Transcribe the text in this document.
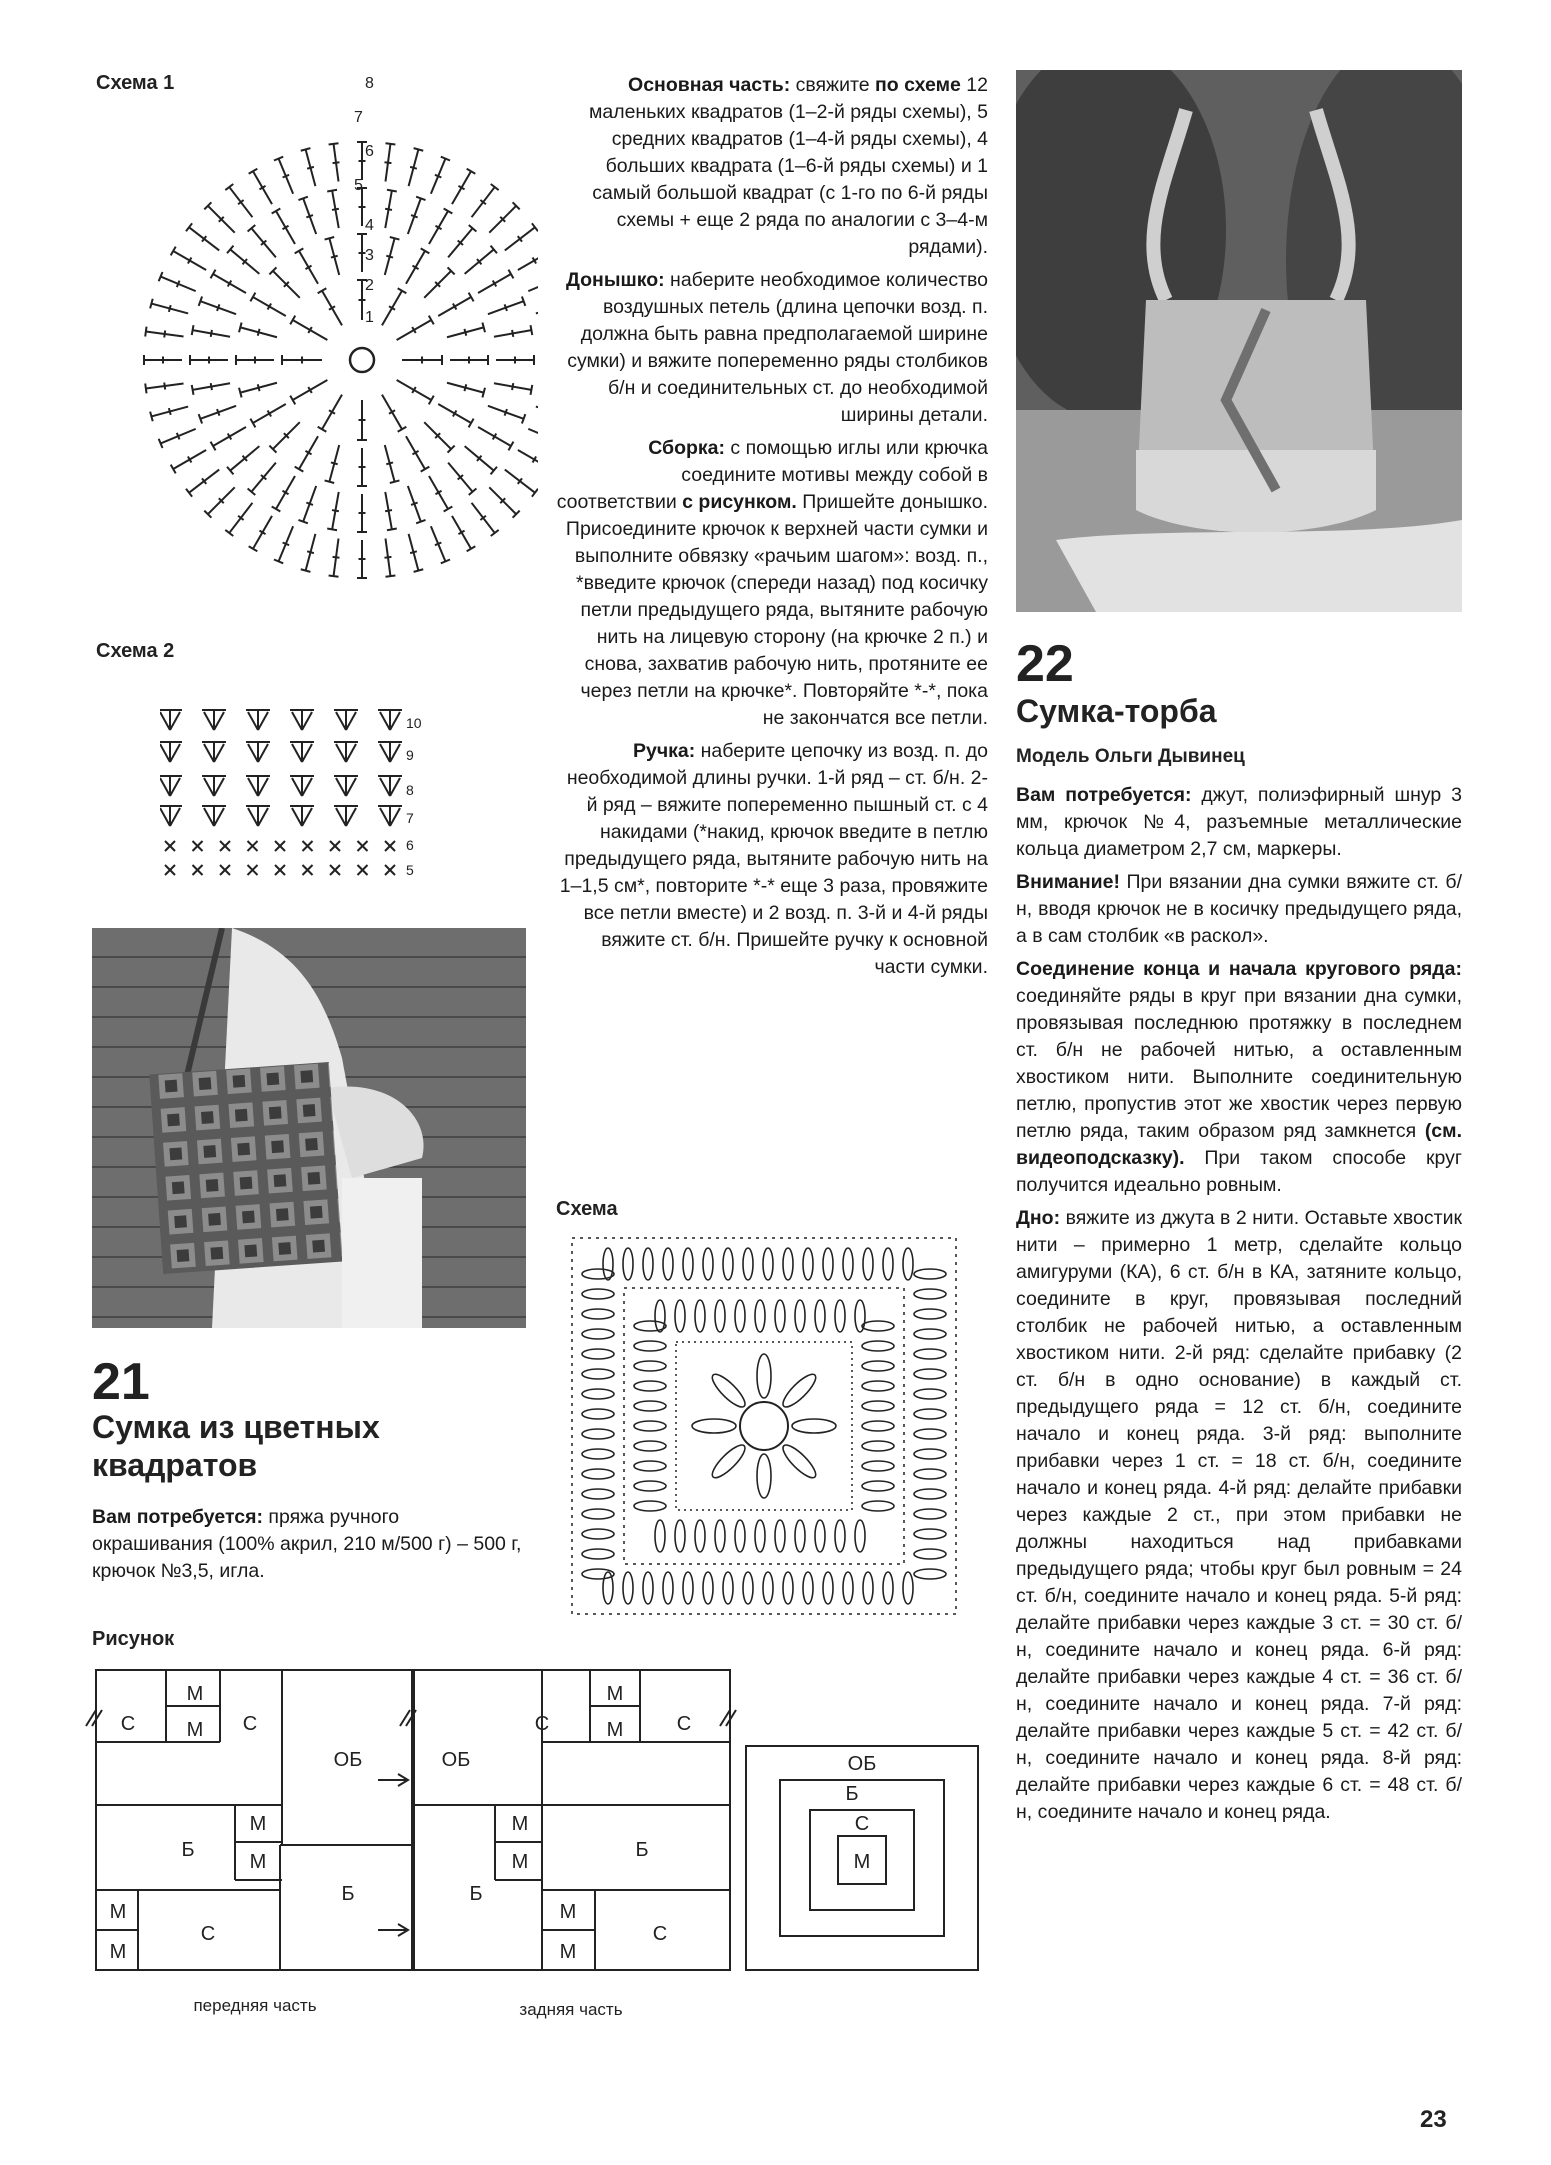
Схема 1	8
7
6
5
4
3
2
1
Схема 2
10
9
8
7
6
5
21
Сумка из цветных
квадратов

Вам потребуется: пряжа ручного окрашивания (100% акрил, 210 м/500 г) – 500 г, крючок №3,5, игла.

Рисунок

Основная часть: свяжите по схеме 12 маленьких квадратов (1–2-й ряды схемы), 5 средних квадратов (1–4-й ряды схемы), 4 больших квадрата (1–6-й ряды схемы) и 1 самый большой квадрат (с 1-го по 6-й ряды схемы + еще 2 ряда по аналогии с 3–4-м рядами).

Донышко: наберите необходимое количество воздушных петель (длина цепочки возд. п. должна быть равна предполагаемой ширине сумки) и вяжите попеременно ряды столбиков б/н и соединительных ст. до необходимой ширины детали.

Сборка: с помощью иглы или крючка соедините мотивы между собой в соответствии с рисунком. Пришейте донышко. Присоедините крючок к верхней части сумки и выполните обвязку «рачьим шагом»: возд. п., *введите крючок (спереди назад) под косичку петли предыдущего ряда, вытяните рабочую нить на лицевую сторону (на крючке 2 п.) и снова, захватив рабочую нить, протяните ее через петли на крючке*. Повторяйте *-*, пока не закончатся все петли.

Ручка: наберите цепочку из возд. п. до необходимой длины ручки. 1-й ряд – ст. б/н. 2-й ряд – вяжите попеременно пышный ст. с 4 накидами (*накид, крючок введите в петлю предыдущего ряда, вытяните рабочую нить на 1–1,5 см*, повторите *-* еще 3 раза, провяжите все петли вместе) и 2 возд. п. 3-й и 4-й ряды вяжите ст. б/н. Пришейте ручку к основной части сумки.

Схема
22
Сумка-торба
Модель Ольги Дывинец

Вам потребуется: джут, полиэфирный шнур 3 мм, крючок №4, разъемные металлические кольца диаметром 2,7 см, маркеры.

Внимание! При вязании дна сумки вяжите ст. б/н, вводя крючок не в косичку предыдущего ряда, а в сам столбик «в раскол».

Соединение конца и начала кругового ряда: соединяйте ряды в круг при вязании дна сумки, провязывая последнюю протяжку в последнем ст. б/н не рабочей нитью, а оставленным хвостиком нити. Выполните соединительную петлю, пропустив этот же хвостик через первую петлю ряда, таким образом ряд замкнется (см. видеоподсказку). При таком способе круг получится идеально ровным.

Дно: вяжите из джута в 2 нити. Оставьте хвостик нити – примерно 1 метр, сделайте кольцо амигуруми (КА), 6 ст. б/н в КА, затяните кольцо, соедините в круг, провязывая последний столбик не рабочей нитью, а оставленным хвостиком нити. 2-й ряд: сделайте прибавку (2 ст. б/н в одно основание) в каждый ст. предыдущего ряда = 12 ст. б/н, соедините начало и конец ряда. 3-й ряд: выполните прибавки через 1 ст. = 18 ст. б/н, соедините начало и конец ряда. 4-й ряд: делайте прибавки через каждые 2 ст., при этом прибавки не должны находиться над прибавками предыдущего ряда; чтобы круг был ровным = 24 ст. б/н, соедините начало и конец ряда. 5-й ряд: делайте прибавки через каждые 3 ст. = 30 ст. б/н, соедините начало и конец ряда. 6-й ряд: делайте прибавки через каждые 4 ст. = 36 ст. б/н, соедините начало и конец ряда. 7-й ряд: делайте прибавки через каждые 5 ст. = 42 ст. б/н, соедините начало и конец ряда. 8-й ряд: делайте прибавки через каждые 6 ст. = 48 ст. б/н, соедините начало и конец ряда.

23
М
М
С	С
ОБ
Б
М
М
Б
М
М
С
ОБ
С
М
М	С
М
М
Б
Б
М
М
С
ОБ
Б
С
М
передняя часть	задняя часть
